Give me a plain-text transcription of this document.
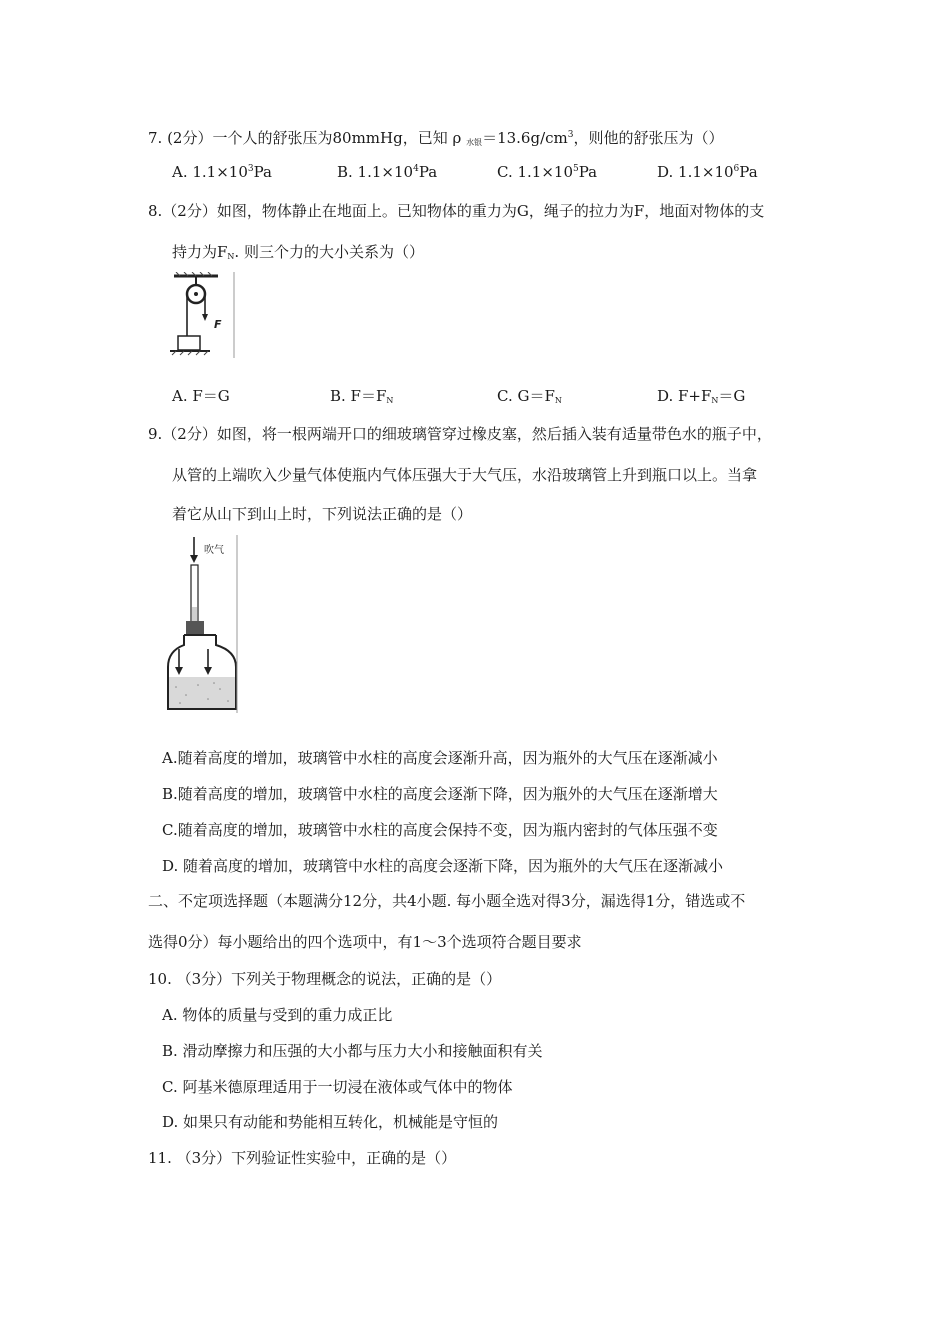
7. (2分）一个人的舒张压为80mmHg，已知 ρ 水银$=13.6g/cm^3$，则他的舒张压为（）
A. $1.1\times 10^3Pa$	B. $1.1\times 10^4Pa$	C. $1.1\times 10^5Pa$	D. $1.1\times 10^6Pa$
8.（2分）如图，物体静止在地面上。已知物体的重力为G，绳子的拉力为F，地面对物体的支
持力为FN. 则三个力的大小关系为（）
F
A. F＝G	B. F＝FN	C. G＝FN	D. F+FN＝G
9.（2分）如图，将一根两端开口的细玻璃管穿过橡皮塞，然后插入装有适量带色水的瓶子中，
从管的上端吹入少量气体使瓶内气体压强大于大气压，水沿玻璃管上升到瓶口以上。当拿
着它从山下到山上时，下列说法正确的是（）
吹气
A.随着高度的增加，玻璃管中水柱的高度会逐渐升高，因为瓶外的大气压在逐渐减小
B.随着高度的增加，玻璃管中水柱的高度会逐渐下降，因为瓶外的大气压在逐渐增大
C.随着高度的增加，玻璃管中水柱的高度会保持不变，因为瓶内密封的气体压强不变
D. 随着高度的增加，玻璃管中水柱的高度会逐渐下降，因为瓶外的大气压在逐渐减小
二、不定项选择题（本题满分12分，共4小题. 每小题全选对得3分，漏选得1分，错选或不
选得0分）每小题给出的四个选项中，有1～3个选项符合题目要求
10. （3分）下列关于物理概念的说法，正确的是（）
A. 物体的质量与受到的重力成正比
B. 滑动摩擦力和压强的大小都与压力大小和接触面积有关
C. 阿基米德原理适用于一切浸在液体或气体中的物体
D. 如果只有动能和势能相互转化，机械能是守恒的
11. （3分）下列验证性实验中，正确的是（）
